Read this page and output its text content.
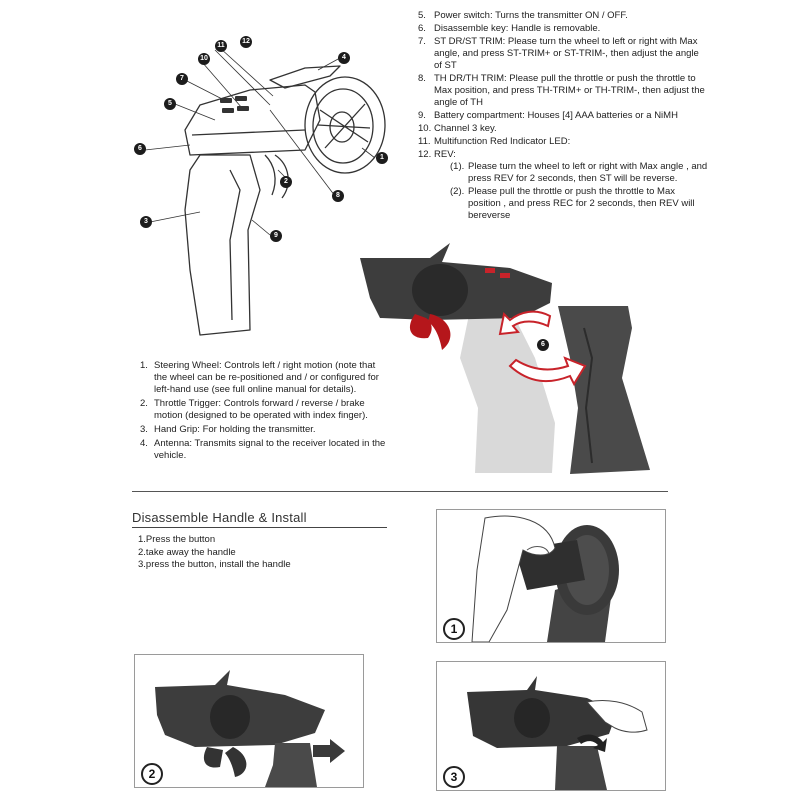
1
2
3
4
5
6
7
8
9
10
11
12
5. Power switch: Turns the transmitter ON / OFF.
6. Disassemble key: Handle is removable.
7. ST DR/ST TRIM: Please turn the wheel to left or right with Max angle, and press ST-TRIM+ or ST-TRIM-, then adjust the angle of ST
8. TH DR/TH TRIM: Please pull the throttle or push the throttle to Max position, and press TH-TRIM+ or TH-TRIM-, then adjust the angle of TH
9. Battery compartment: Houses [4] AAA batteries or a NiMH
10. Channel 3 key.
11. Multifunction Red Indicator LED:
12. REV:
(1). Please turn the wheel to left or right with Max angle , and press REV for 2 seconds, then ST will be reverse.
(2). Please pull the throttle or push the throttle to Max position , and press REC for 2 seconds, then REV will bereverse
6
1. Steering Wheel: Controls left / right motion (note that the wheel can be re-positioned and / or configured for left-hand use (see full online manual for details).
2. Throttle Trigger: Controls forward / reverse / brake motion (designed to be operated with index finger).
3. Hand Grip: For holding the transmitter.
4. Antenna: Transmits signal to the receiver located in the vehicle.
Disassemble Handle & Install
1.Press the button
2.take away the handle
3.press the button, install the handle
1
2	3
